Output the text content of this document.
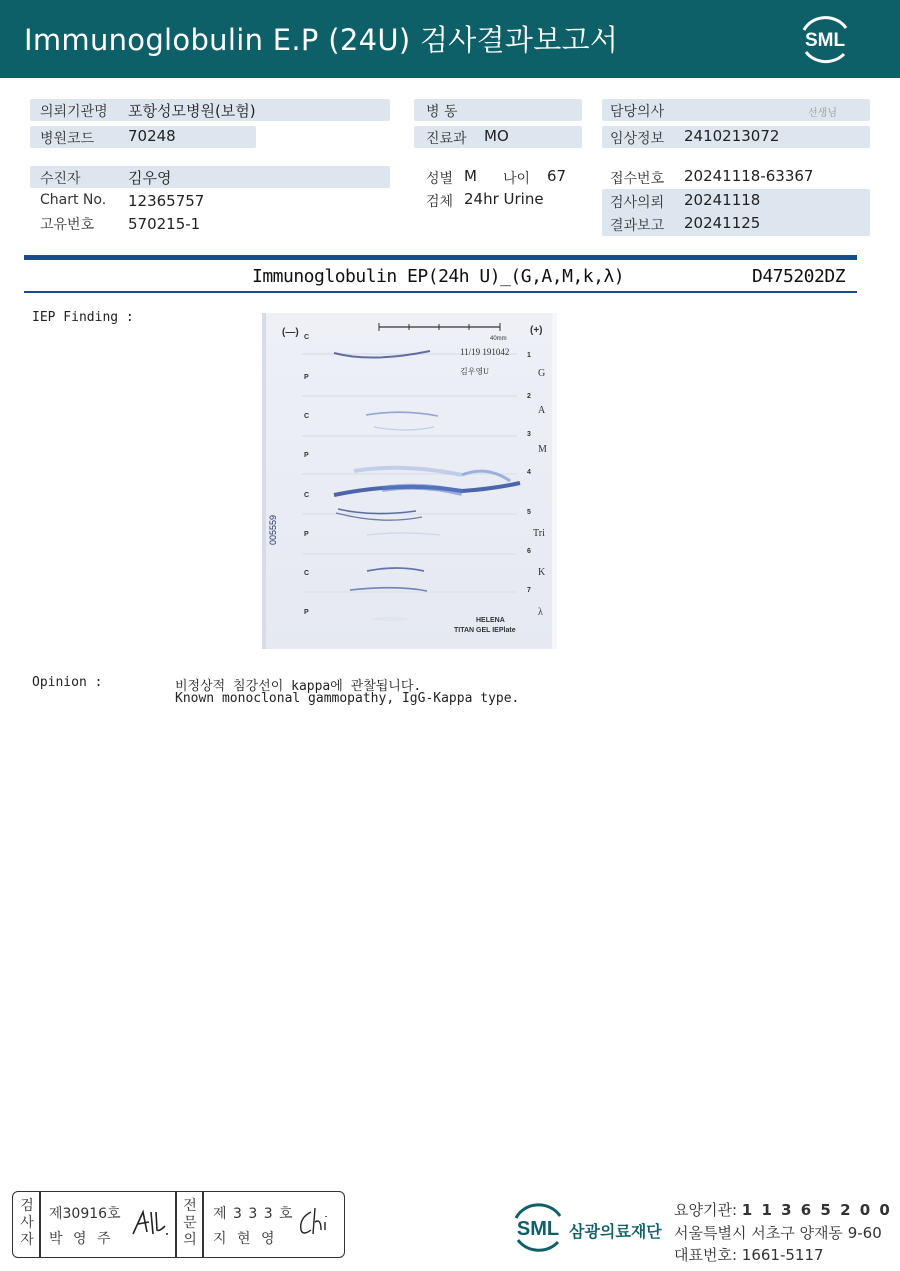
Immunoglobulin E.P (24U) 검사결과보고서	SML
의뢰기관명 포항성모병원(보험)
병원코드 70248
수진자	김우영
Chart No. 12365757
고유번호 570215-1
병 동
진료과 MO
성별 M 나이 67
검체 24hr Urine
담당의사	선생님
임상정보 2410213072
접수번호 20241118-63367
검사의뢰 20241118
결과보고 20241125
Immunoglobulin EP(24h U)_(G,A,M,k,λ)	D475202DZ
IEP Finding :
40mm
(—)	(+)
11/19 191042
김우영U
005559
C
P
C
P
C
P
C
P
1
2
3
4
5
6
7
G
A
M
Tri
K
λ
HELENA
TITAN GEL IEPlate
Opinion :	비정상적 침강선이 kappa에 관찰됩니다.
Known monoclonal gammopathy, IgG-Kappa type.
검사자
제30916호
박 영 주
전문의
제 3 3 3 호
지 현 영	SML 삼광의료재단
요양기관: 1 1 3 6 5 2 0 0
서울특별시 서초구 양재동 9-60
대표번호: 1661-5117
